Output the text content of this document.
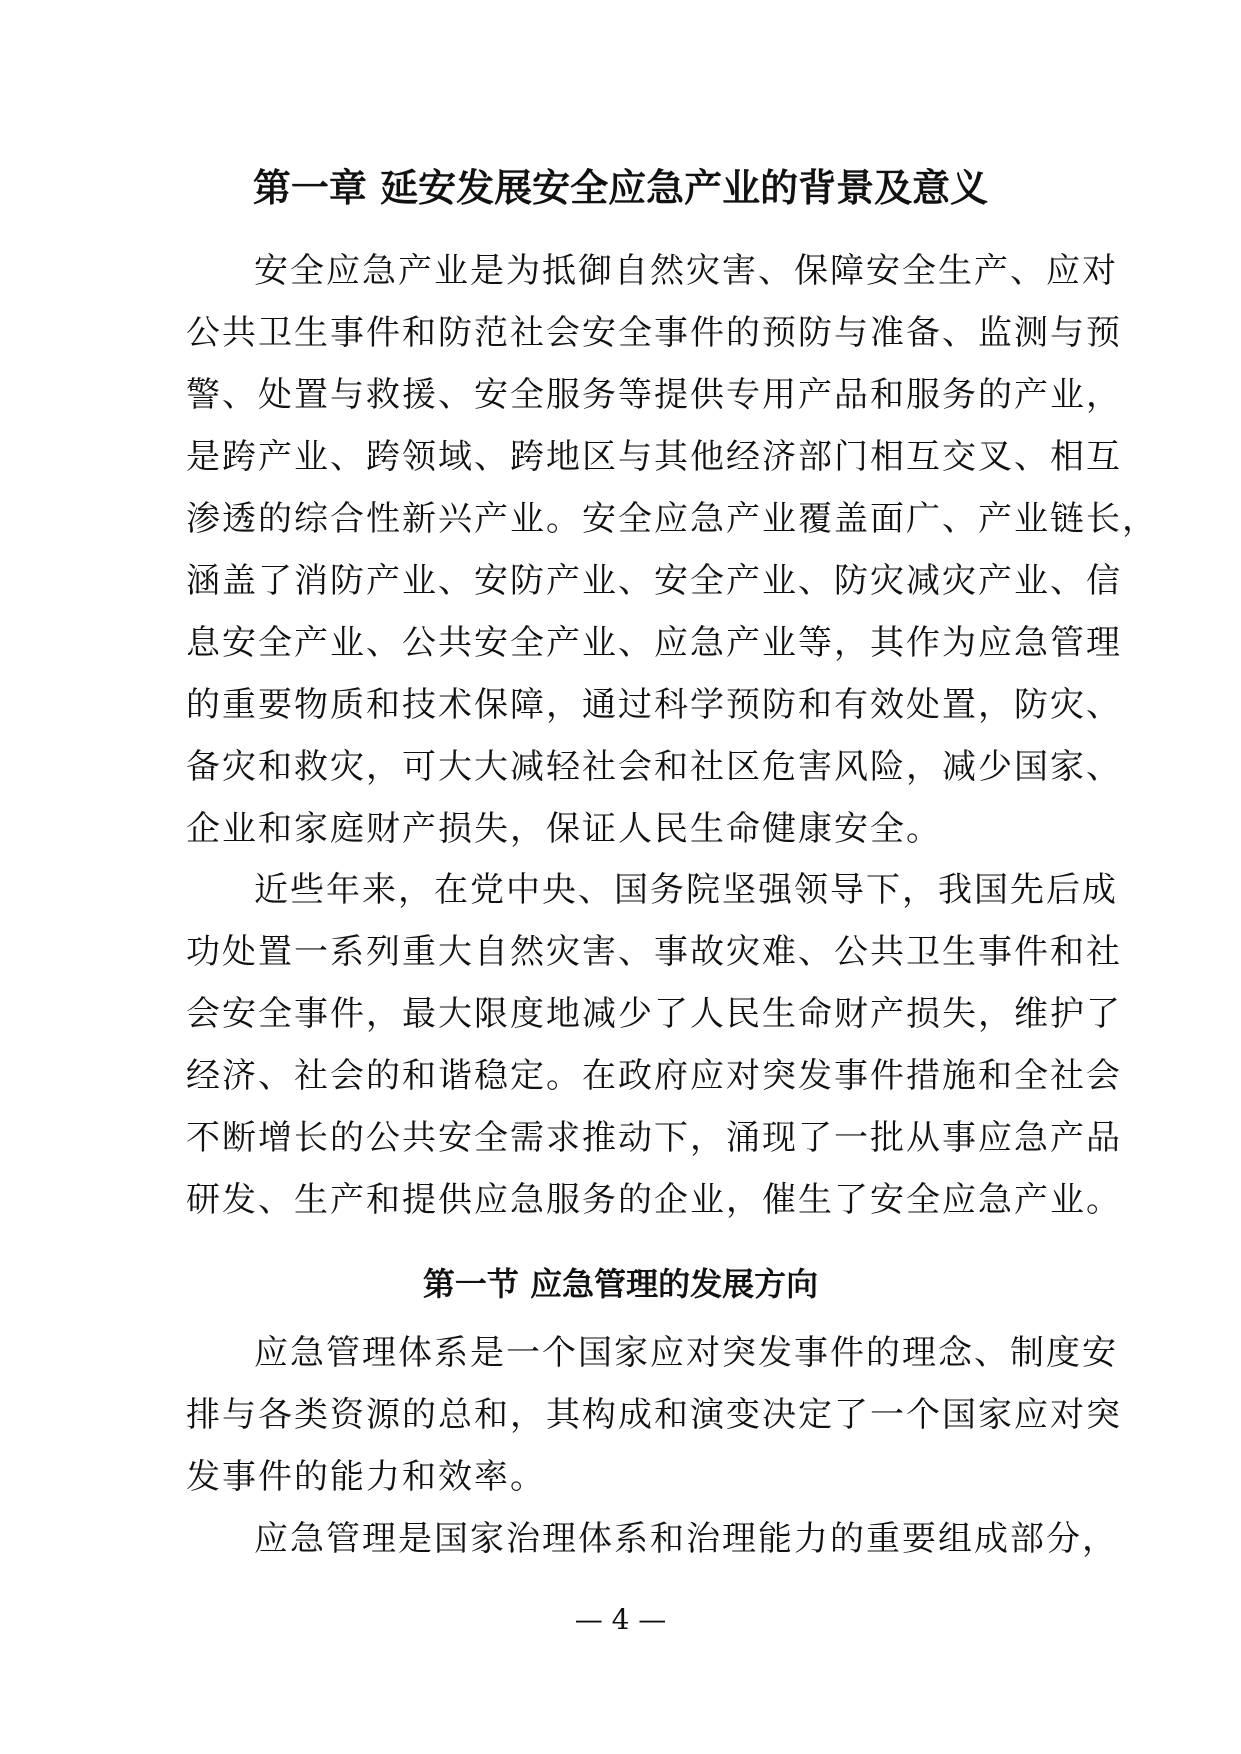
第一章 延安发展安全应急产业的背景及意义
安全应急产业是为抵御自然灾害、保障安全生产、应对
公共卫生事件和防范社会安全事件的预防与准备、监测与预
警、处置与救援、安全服务等提供专用产品和服务的产业，
是跨产业、跨领域、跨地区与其他经济部门相互交叉、相互
渗透的综合性新兴产业。安全应急产业覆盖面广、产业链长，
涵盖了消防产业、安防产业、安全产业、防灾减灾产业、信
息安全产业、公共安全产业、应急产业等，其作为应急管理
的重要物质和技术保障，通过科学预防和有效处置，防灾、
备灾和救灾，可大大减轻社会和社区危害风险，减少国家、
企业和家庭财产损失，保证人民生命健康安全。
近些年来，在党中央、国务院坚强领导下，我国先后成
功处置一系列重大自然灾害、事故灾难、公共卫生事件和社
会安全事件，最大限度地减少了人民生命财产损失，维护了
经济、社会的和谐稳定。在政府应对突发事件措施和全社会
不断增长的公共安全需求推动下，涌现了一批从事应急产品
研发、生产和提供应急服务的企业，催生了安全应急产业。
第一节 应急管理的发展方向
应急管理体系是一个国家应对突发事件的理念、制度安
排与各类资源的总和，其构成和演变决定了一个国家应对突
发事件的能力和效率。
应急管理是国家治理体系和治理能力的重要组成部分，
— 4 —
